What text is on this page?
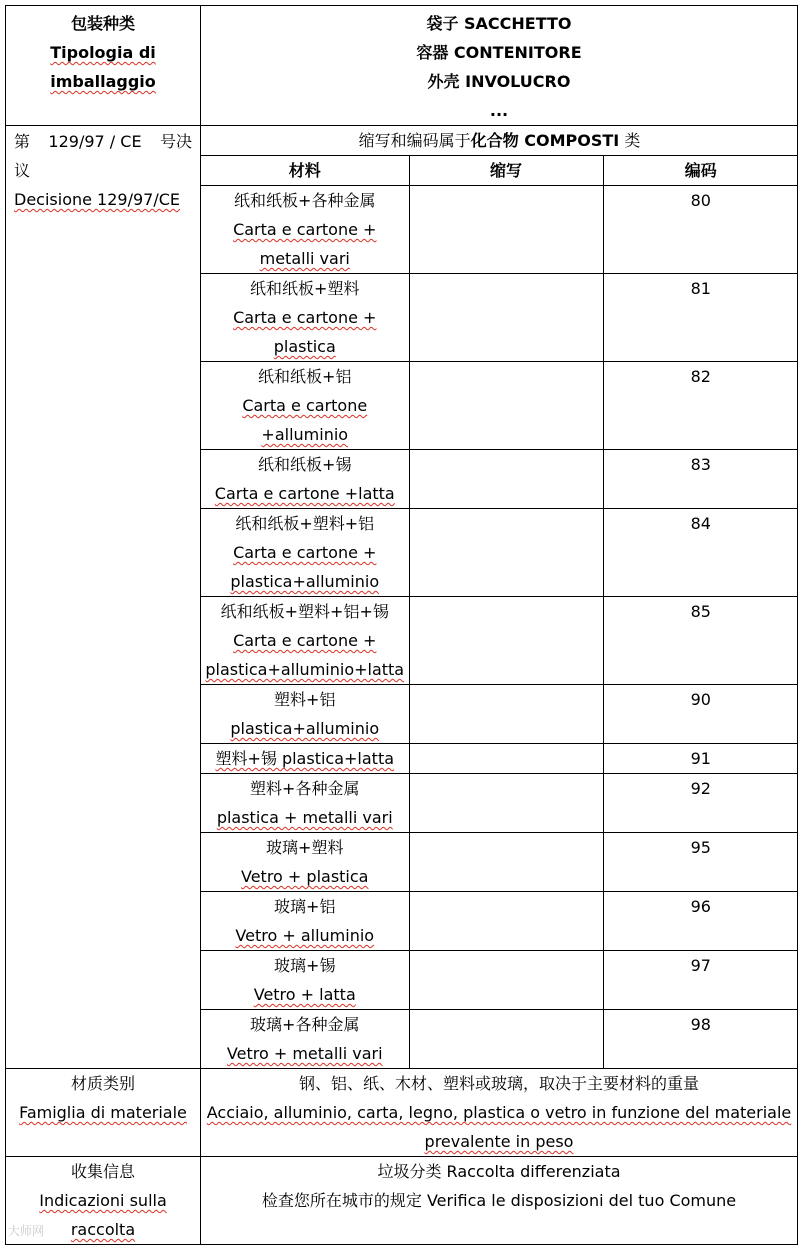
包装种类
Tipologia di
imballaggio

袋子 SACCHETTO
容器 CONTENITORE
外壳 INVOLUCRO
...

第 129/97 / CE 号决
议
Decisione 129/97/CE

缩写和编码属于化合物 COMPOSTI 类
材料	缩写	编码

纸和纸板+各种金属
Carta e cartone +
metalli vari
		80

纸和纸板+塑料
Carta e cartone +
plastica
		81

纸和纸板+铝
Carta e cartone
+alluminio
		82

纸和纸板+锡
Carta e cartone +latta
		83

纸和纸板+塑料+铝
Carta e cartone +
plastica+alluminio
		84

纸和纸板+塑料+铝+锡
Carta e cartone +
plastica+alluminio+latta
		85

塑料+铝
plastica+alluminio
		90

塑料+锡 plastica+latta		91

塑料+各种金属
plastica + metalli vari
		92

玻璃+塑料
Vetro + plastica
		95

玻璃+铝
Vetro + alluminio
		96

玻璃+锡
Vetro + latta
		97

玻璃+各种金属
Vetro + metalli vari
		98

材质类别
Famiglia di materiale

钢、铝、纸、木材、塑料或玻璃，取决于主要材料的重量
Acciaio, alluminio, carta, legno, plastica o vetro in funzione del materiale
prevalente in peso

收集信息
Indicazioni sulla
raccolta

垃圾分类 Raccolta differenziata
检查您所在城市的规定 Verifica le disposizioni del tuo Comune
大师网
